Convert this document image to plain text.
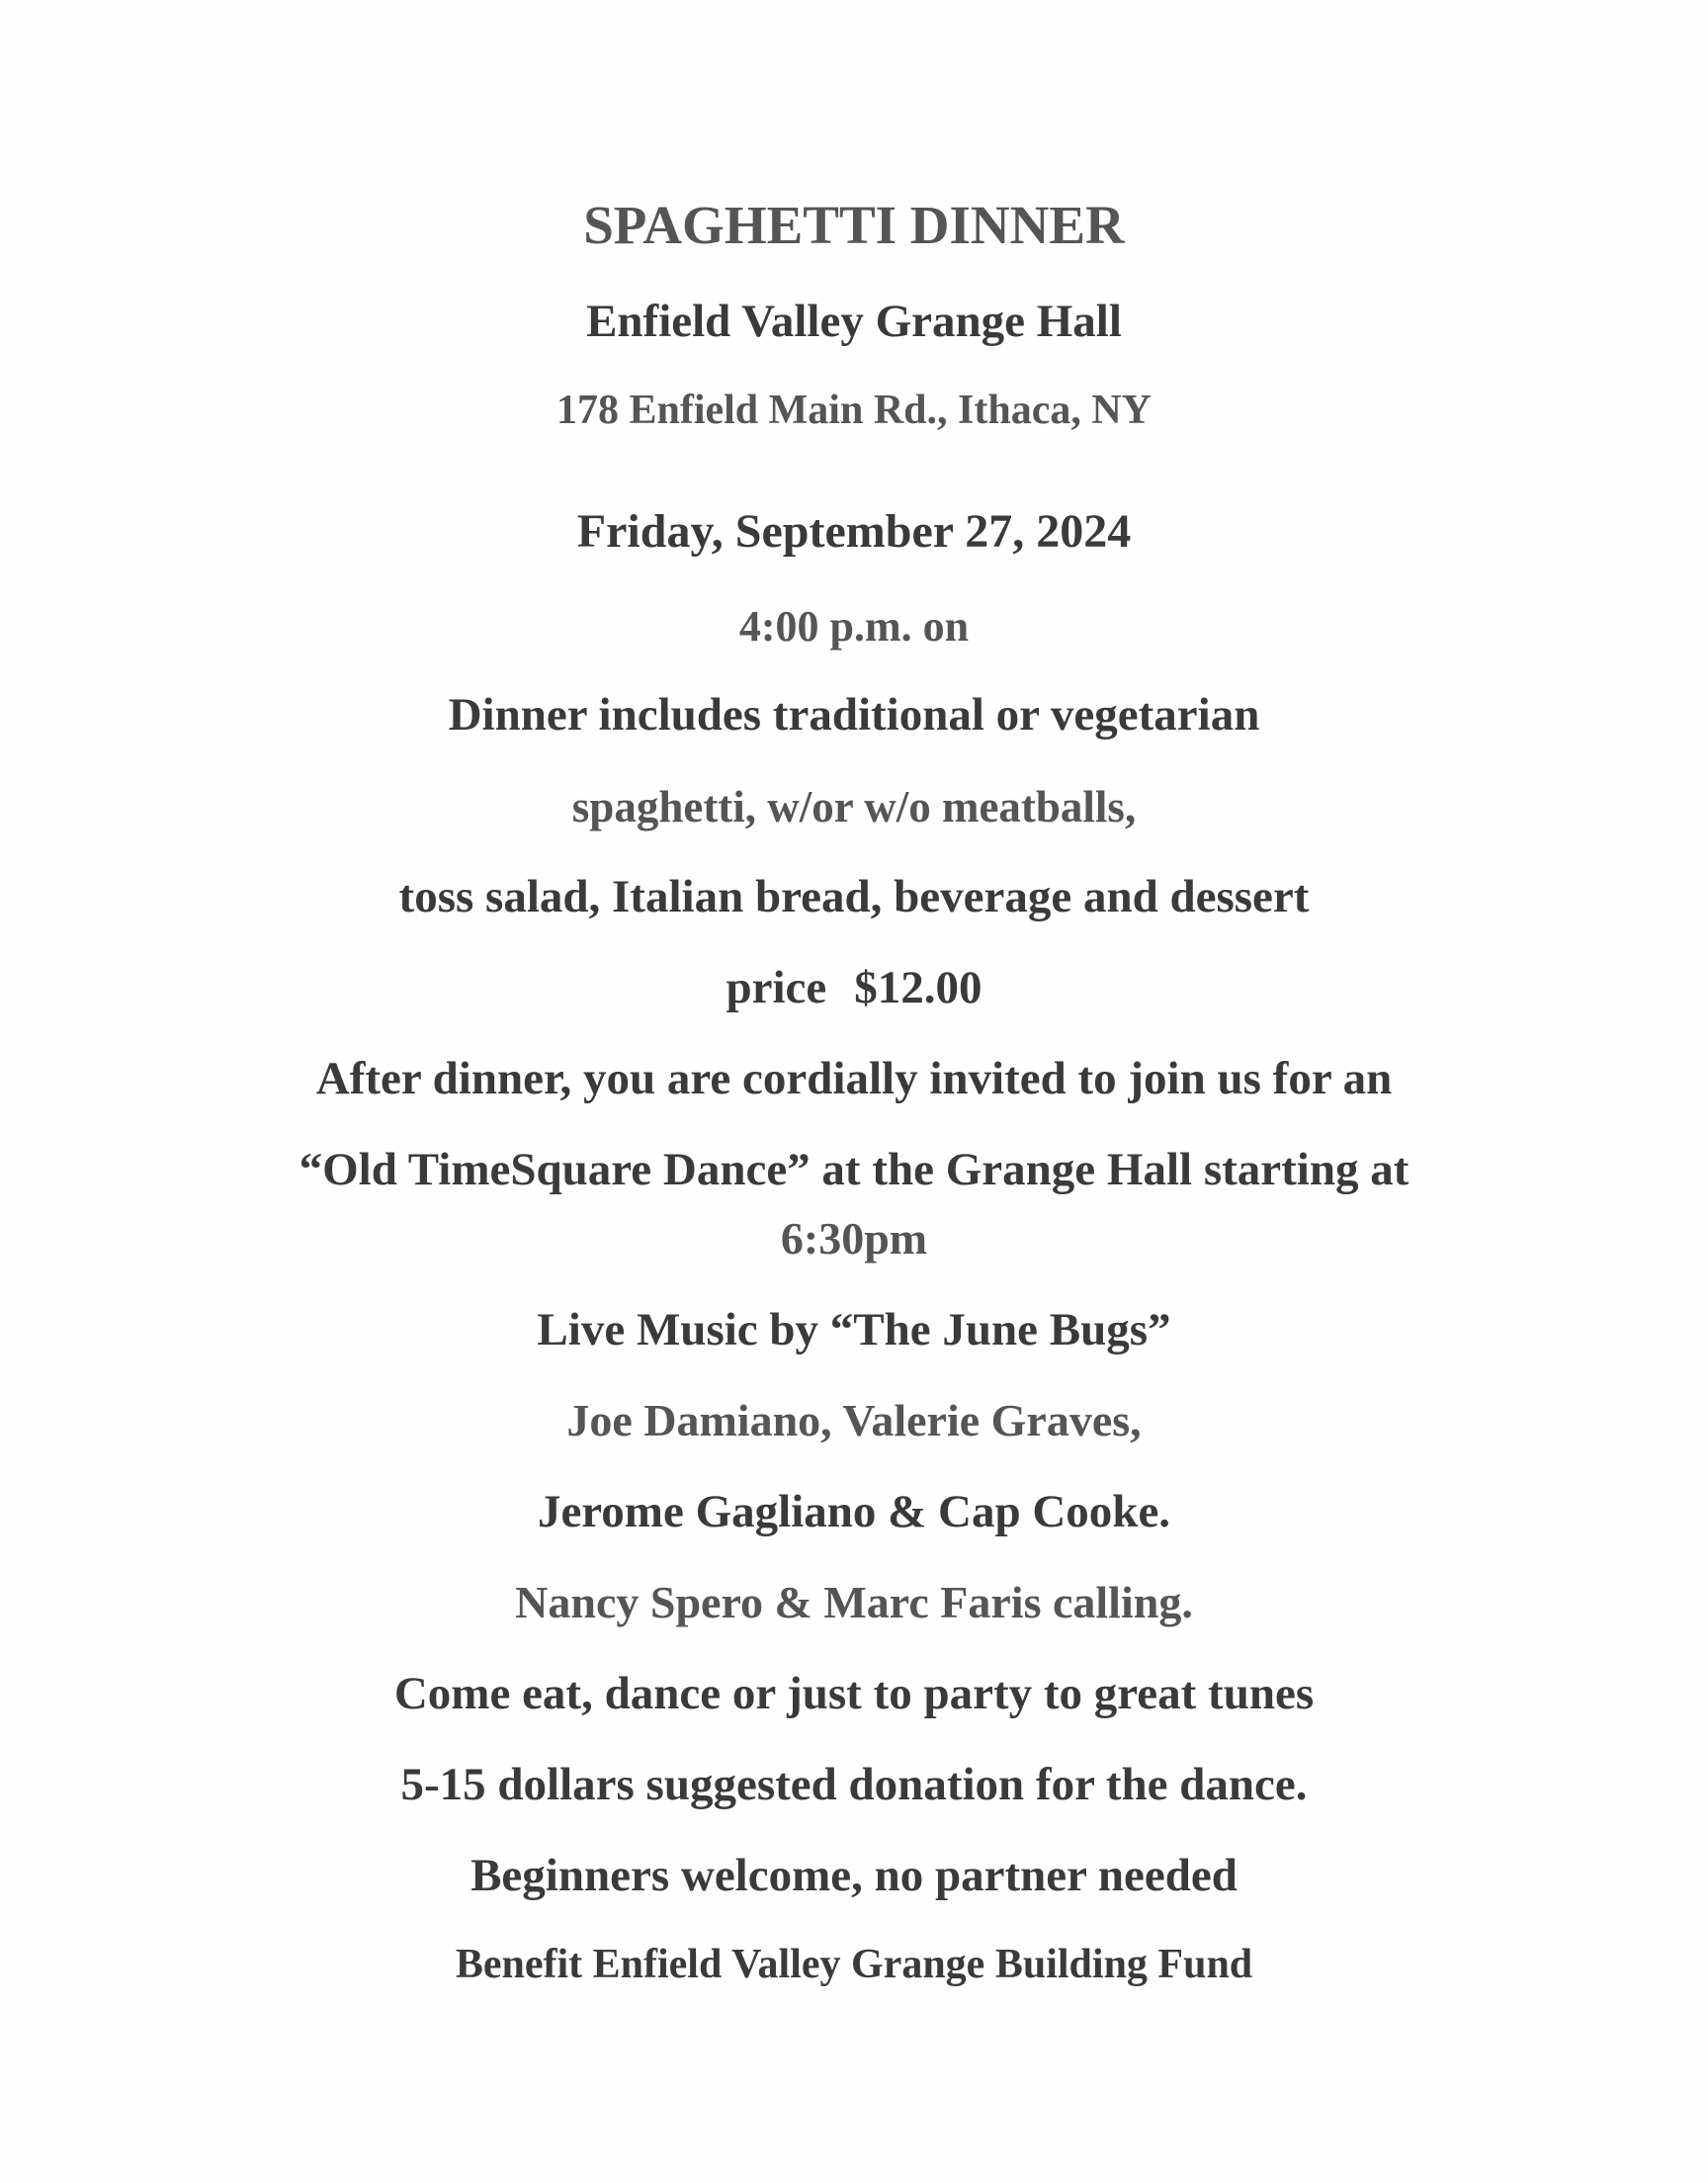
SPAGHETTI DINNER
Enfield Valley Grange Hall
178 Enfield Main Rd., Ithaca, NY
Friday, September 27, 2024
4:00 p.m. on
Dinner includes traditional or vegetarian
spaghetti, w/or w/o meatballs,
toss salad, Italian bread, beverage and dessert
price $12.00
After dinner, you are cordially invited to join us for an
“Old TimeSquare Dance” at the Grange Hall starting at
6:30pm
Live Music by “The June Bugs”
Joe Damiano, Valerie Graves,
Jerome Gagliano & Cap Cooke.
Nancy Spero & Marc Faris calling.
Come eat, dance or just to party to great tunes
5-15 dollars suggested donation for the dance.
Beginners welcome, no partner needed
Benefit Enfield Valley Grange Building Fund
